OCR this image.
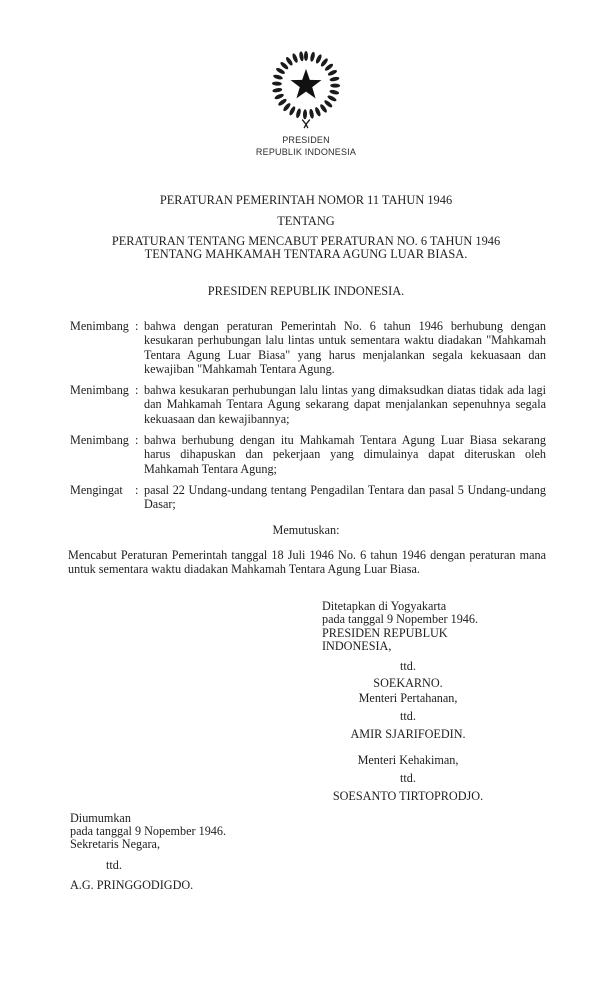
PRESIDEN
REPUBLIK INDONESIA
PERATURAN PEMERINTAH NOMOR 11 TAHUN 1946
TENTANG
PERATURAN TENTANG MENCABUT PERATURAN NO. 6 TAHUN 1946
TENTANG MAHKAMAH TENTARA AGUNG LUAR BIASA.
PRESIDEN REPUBLIK INDONESIA.
Menimbang : bahwa dengan peraturan Pemerintah No. 6 tahun 1946 berhubung dengan kesukaran perhubungan lalu lintas untuk sementara waktu diadakan "Mahkamah Tentara Agung Luar Biasa" yang harus menjalankan segala kekuasaan dan kewajiban "Mahkamah Tentara Agung.
Menimbang : bahwa kesukaran perhubungan lalu lintas yang dimaksudkan diatas tidak ada lagi dan Mahkamah Tentara Agung sekarang dapat menjalankan sepenuhnya segala kekuasaan dan kewajibannya;
Menimbang : bahwa berhubung dengan itu Mahkamah Tentara Agung Luar Biasa sekarang harus dihapuskan dan pekerjaan yang dimulainya dapat diteruskan oleh Mahkamah Tentara Agung;
Mengingat : pasal 22 Undang-undang tentang Pengadilan Tentara dan pasal 5 Undang-undang Dasar;
Memutuskan:
Mencabut Peraturan Pemerintah tanggal 18 Juli 1946 No. 6 tahun 1946 dengan peraturan mana untuk sementara waktu diadakan Mahkamah Tentara Agung Luar Biasa.
Ditetapkan di Yogyakarta
pada tanggal 9 Nopember 1946.
PRESIDEN REPUBLUK INDONESIA,
ttd.
SOEKARNO.
Menteri Pertahanan,
ttd.
AMIR SJARIFOEDIN.
Menteri Kehakiman,
ttd.
SOESANTO TIRTOPRODJO.
Diumumkan
pada tanggal 9 Nopember 1946.
Sekretaris Negara,
ttd.
A.G. PRINGGODIGDO.
